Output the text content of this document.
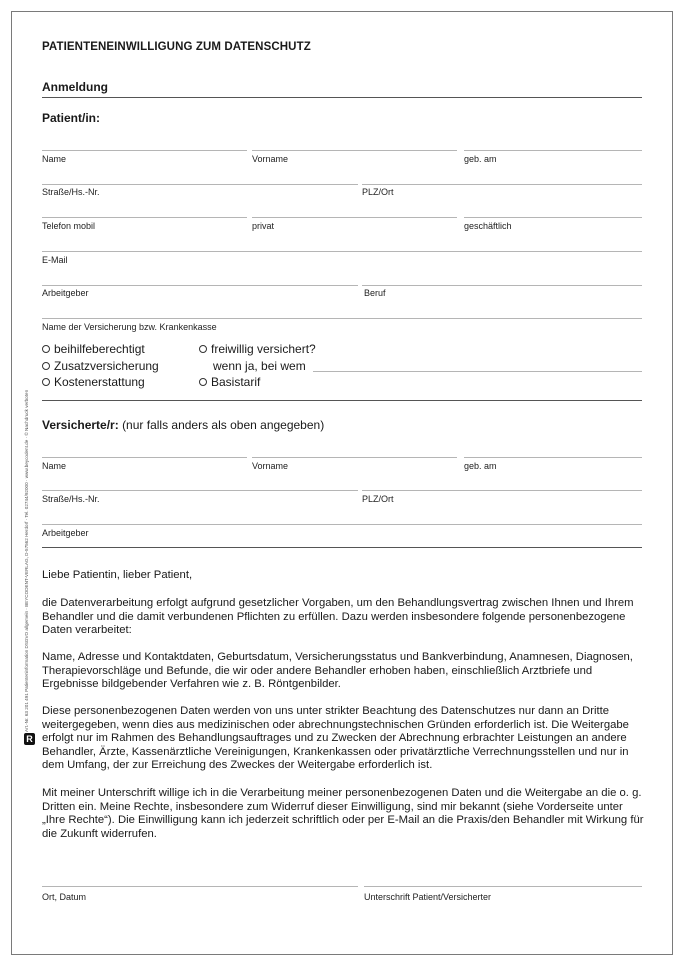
PATIENTENEINWILLIGUNG ZUM DATENSCHUTZ
Anmeldung
Patient/in:
Name	Vorname	geb. am
Straße/Hs.-Nr.	PLZ/Ort
Telefon mobil	privat	geschäftlich
E-Mail
Arbeitgeber	Beruf
Name der Versicherung bzw. Krankenkasse
beihilfeberechtigt
Zusatzversicherung
Kostenerstattung
freiwillig versichert?
wenn ja, bei wem
Basistarif
Versicherte/r: (nur falls anders als oben angegeben)
Name	Vorname	geb. am
Straße/Hs.-Nr.	PLZ/Ort
Arbeitgeber

Liebe Patientin, lieber Patient,

die Datenverarbeitung erfolgt aufgrund gesetzlicher Vorgaben, um den Behandlungsvertrag zwischen Ihnen und Ihrem Behandler und die damit verbundenen Pflichten zu erfüllen. Dazu werden insbesondere folgende personenbezogene Daten verarbeitet:

Name, Adresse und Kontaktdaten, Geburtsdatum, Versicherungsstatus und Bankverbindung, Anamnesen, Diagnosen, Therapievorschläge und Befunde, die wir oder andere Behandler erhoben haben, einschließlich Arztbriefe und Ergebnisse bildgebender Verfahren wie z. B. Röntgenbilder.

Diese personenbezogenen Daten werden von uns unter strikter Beachtung des Datenschutzes nur dann an Dritte weitergegeben, wenn dies aus medizinischen oder abrechnungstechnischen Gründen erforderlich ist. Die Weitergabe erfolgt nur im Rahmen des Behandlungsauftrages und zu Zwecken der Abrechnung erbrachter Leistungen an andere Behandler, Ärzte, Kassenärztliche Vereinigungen, Krankenkassen oder privatärztliche Verrechnungsstellen und nur in dem Umfang, der zur Erreichung des Zweckes der Weitergabe erforderlich ist.

Mit meiner Unterschrift willige ich in die Verarbeitung meiner personenbezogenen Daten und die Weitergabe an die o. g. Dritten ein. Meine Rechte, insbesondere zum Widerruf dieser Einwilligung, sind mir bekannt (siehe Vorderseite unter „Ihre Rechte“). Die Einwilligung kann ich jederzeit schriftlich oder per E-Mail an die Praxis/den Behandler mit Wirkung für die Zukunft widerrufen.

Ort, Datum	Unterschrift Patient/Versicherter
R
Art.-Nr. 63 201 491 Patienteninformation DSGVO allgemein · BEYCODENT-VERLAG, D-57562 Herdorf · Tel. 02744/92000 · www.beycodent.de · © Nachdruck verboten
